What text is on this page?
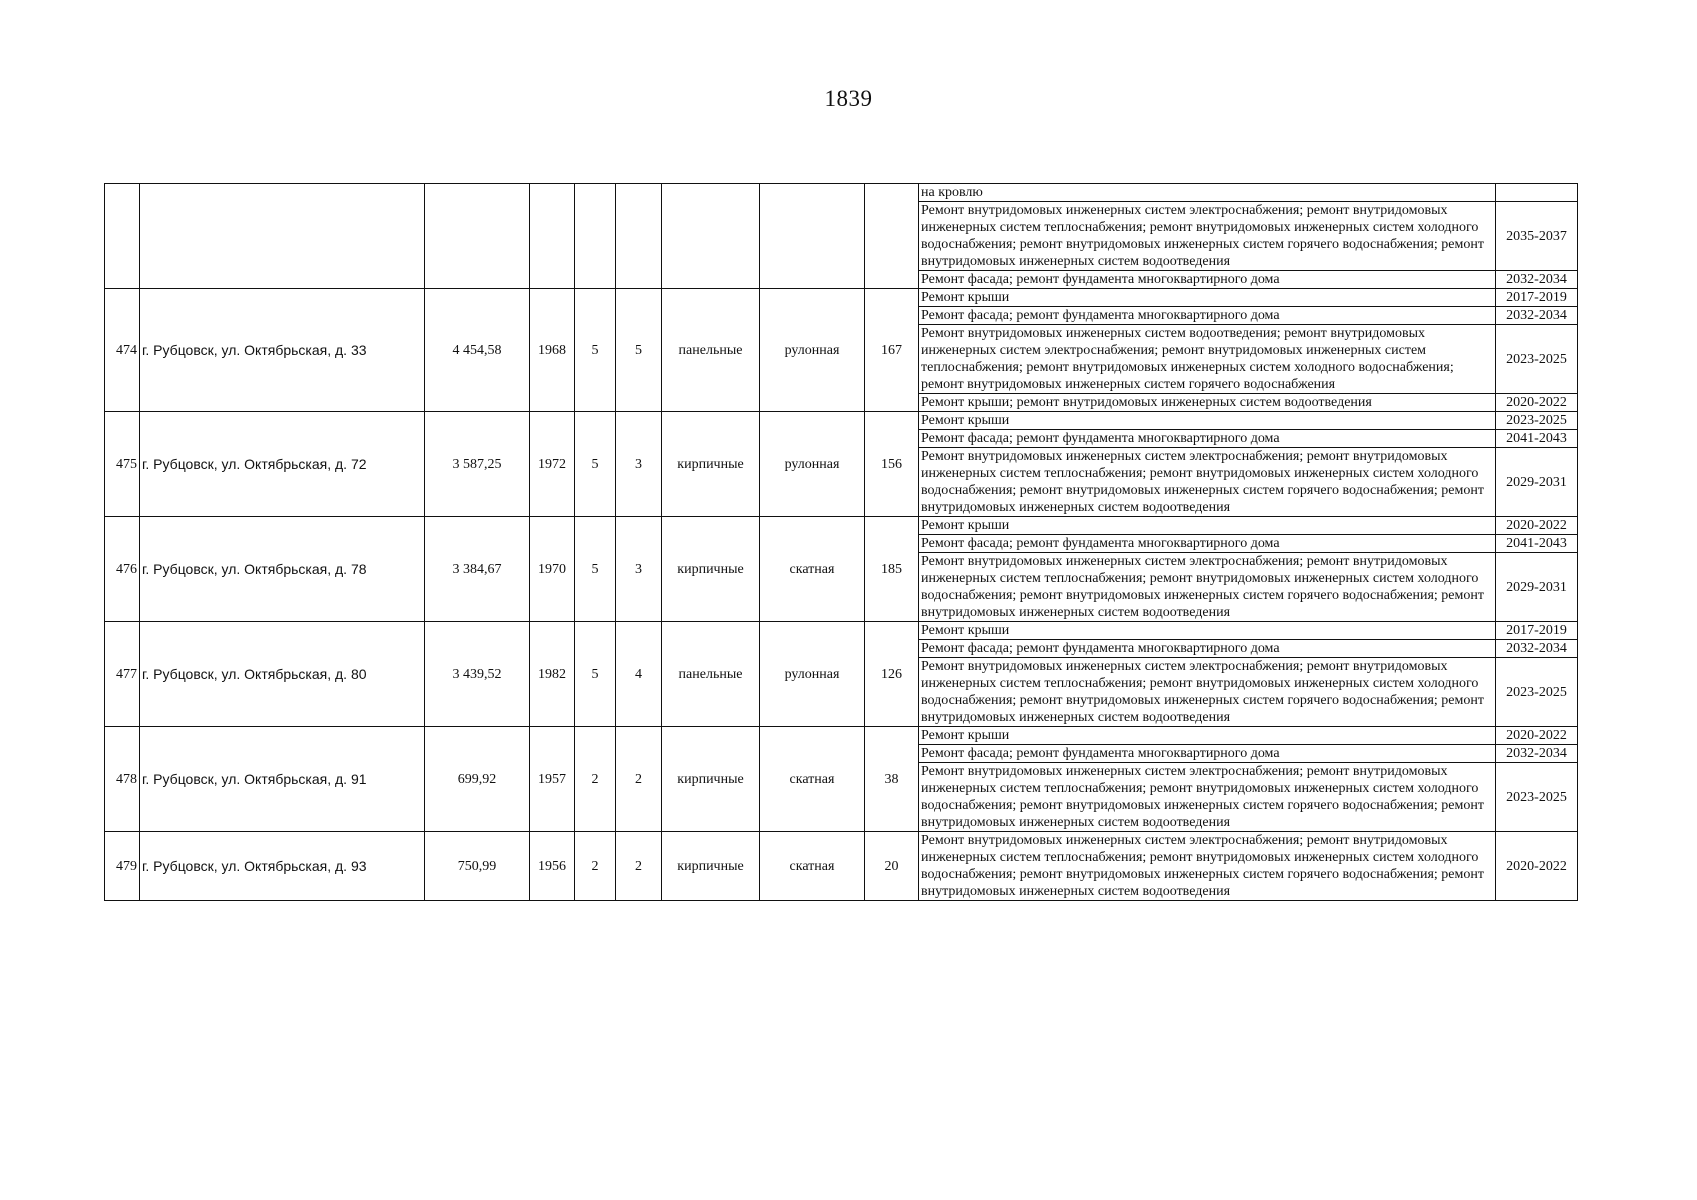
1839
									на кровлю	
									Ремонт внутридомовых инженерных систем электроснабжения; ремонт внутридомовых инженерных систем теплоснабжения; ремонт внутридомовых инженерных систем холодного водоснабжения; ремонт внутридомовых инженерных систем горячего водоснабжения; ремонт внутридомовых инженерных систем водоотведения	2035-2037
									Ремонт фасада; ремонт фундамента многоквартирного дома	2032-2034
474	г. Рубцовск, ул. Октябрьская, д. 33	4 454,58	1968	5	5	панельные	рулонная	167	Ремонт крыши	2017-2019
									Ремонт фасада; ремонт фундамента многоквартирного дома	2032-2034
									Ремонт внутридомовых инженерных систем водоотведения; ремонт внутридомовых инженерных систем электроснабжения; ремонт внутридомовых инженерных систем теплоснабжения; ремонт внутридомовых инженерных систем холодного водоснабжения; ремонт внутридомовых инженерных систем горячего водоснабжения	2023-2025
									Ремонт крыши; ремонт внутридомовых инженерных систем водоотведения	2020-2022
475	г. Рубцовск, ул. Октябрьская, д. 72	3 587,25	1972	5	3	кирпичные	рулонная	156	Ремонт крыши	2023-2025
									Ремонт фасада; ремонт фундамента многоквартирного дома	2041-2043
									Ремонт внутридомовых инженерных систем электроснабжения; ремонт внутридомовых инженерных систем теплоснабжения; ремонт внутридомовых инженерных систем холодного водоснабжения; ремонт внутридомовых инженерных систем горячего водоснабжения; ремонт внутридомовых инженерных систем водоотведения	2029-2031
476	г. Рубцовск, ул. Октябрьская, д. 78	3 384,67	1970	5	3	кирпичные	скатная	185	Ремонт крыши	2020-2022
									Ремонт фасада; ремонт фундамента многоквартирного дома	2041-2043
									Ремонт внутридомовых инженерных систем электроснабжения; ремонт внутридомовых инженерных систем теплоснабжения; ремонт внутридомовых инженерных систем холодного водоснабжения; ремонт внутридомовых инженерных систем горячего водоснабжения; ремонт внутридомовых инженерных систем водоотведения	2029-2031
477	г. Рубцовск, ул. Октябрьская, д. 80	3 439,52	1982	5	4	панельные	рулонная	126	Ремонт крыши	2017-2019
									Ремонт фасада; ремонт фундамента многоквартирного дома	2032-2034
									Ремонт внутридомовых инженерных систем электроснабжения; ремонт внутридомовых инженерных систем теплоснабжения; ремонт внутридомовых инженерных систем холодного водоснабжения; ремонт внутридомовых инженерных систем горячего водоснабжения; ремонт внутридомовых инженерных систем водоотведения	2023-2025
478	г. Рубцовск, ул. Октябрьская, д. 91	699,92	1957	2	2	кирпичные	скатная	38	Ремонт крыши	2020-2022
									Ремонт фасада; ремонт фундамента многоквартирного дома	2032-2034
									Ремонт внутридомовых инженерных систем электроснабжения; ремонт внутридомовых инженерных систем теплоснабжения; ремонт внутридомовых инженерных систем холодного водоснабжения; ремонт внутридомовых инженерных систем горячего водоснабжения; ремонт внутридомовых инженерных систем водоотведения	2023-2025
479	г. Рубцовск, ул. Октябрьская, д. 93	750,99	1956	2	2	кирпичные	скатная	20	Ремонт внутридомовых инженерных систем электроснабжения; ремонт внутридомовых инженерных систем теплоснабжения; ремонт внутридомовых инженерных систем холодного водоснабжения; ремонт внутридомовых инженерных систем горячего водоснабжения; ремонт внутридомовых инженерных систем водоотведения	2020-2022
